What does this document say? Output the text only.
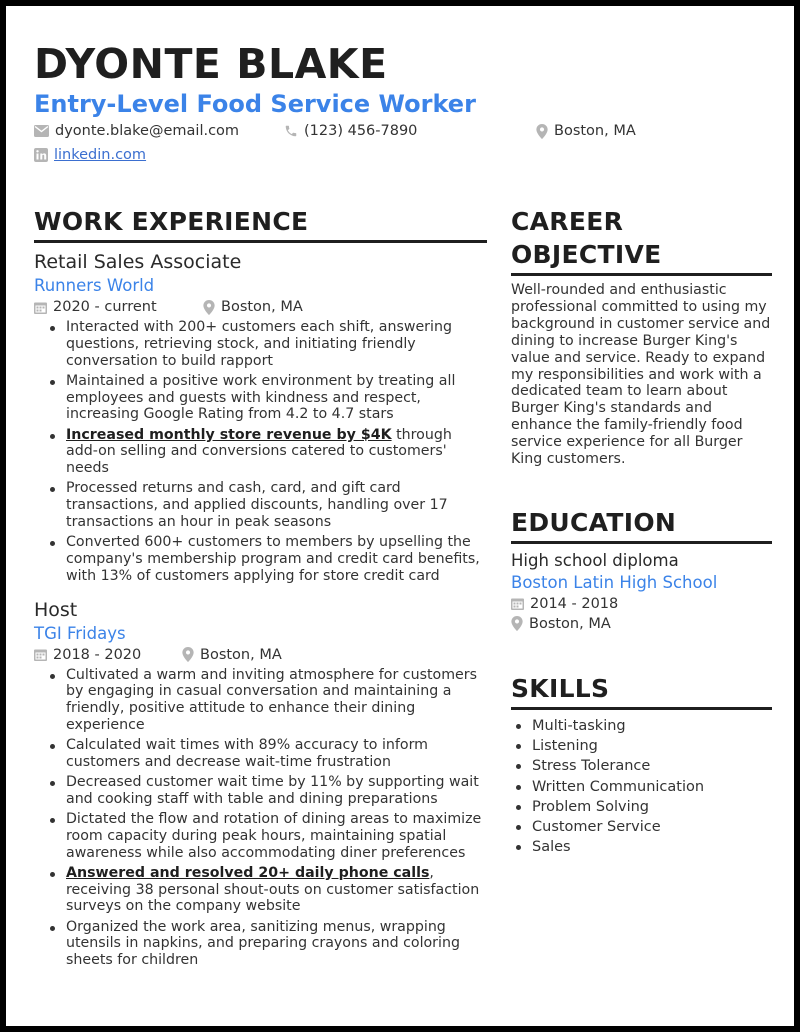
DYONTE BLAKE
Entry-Level Food Service Worker
dyonte.blake@email.com	(123) 456-7890	Boston, MA
linkedin.com
WORK EXPERIENCE
Retail Sales Associate
Runners World
2020 - current	Boston, MA
Interacted with 200+ customers each shift, answering questions, retrieving stock, and initiating friendly conversation to build rapport
Maintained a positive work environment by treating all employees and guests with kindness and respect, increasing Google Rating from 4.2 to 4.7 stars
Increased monthly store revenue by $4K through add-on selling and conversions catered to customers' needs
Processed returns and cash, card, and gift card transactions, and applied discounts, handling over 17 transactions an hour in peak seasons
Converted 600+ customers to members by upselling the company's membership program and credit card benefits, with 13% of customers applying for store credit card
Host
TGI Fridays
2018 - 2020	Boston, MA
Cultivated a warm and inviting atmosphere for customers by engaging in casual conversation and maintaining a friendly, positive attitude to enhance their dining experience
Calculated wait times with 89% accuracy to inform customers and decrease wait-time frustration
Decreased customer wait time by 11% by supporting wait and cooking staff with table and dining preparations
Dictated the flow and rotation of dining areas to maximize room capacity during peak hours, maintaining spatial awareness while also accommodating diner preferences
Answered and resolved 20+ daily phone calls, receiving 38 personal shout-outs on customer satisfaction surveys on the company website
Organized the work area, sanitizing menus, wrapping utensils in napkins, and preparing crayons and coloring sheets for children
CAREER
OBJECTIVE
Well-rounded and enthusiastic professional committed to using my background in customer service and dining to increase Burger King's value and service. Ready to expand my responsibilities and work with a dedicated team to learn about Burger King's standards and enhance the family-friendly food service experience for all Burger King customers.
EDUCATION
High school diploma
Boston Latin High School
2014 - 2018
Boston, MA
SKILLS
Multi-tasking
Listening
Stress Tolerance
Written Communication
Problem Solving
Customer Service
Sales
